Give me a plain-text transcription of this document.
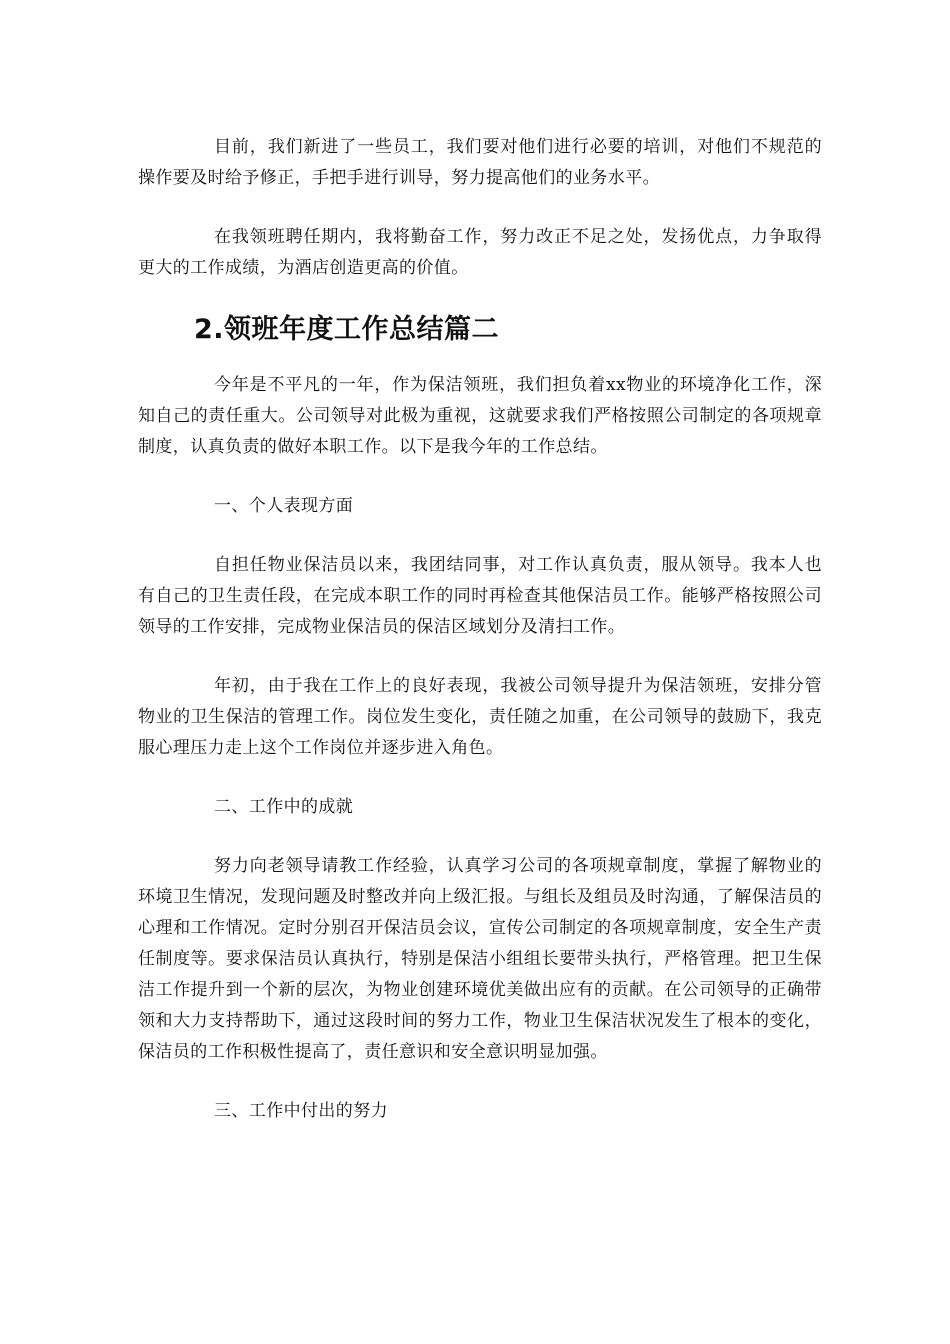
目前，我们新进了一些员工，我们要对他们进行必要的培训，对他们不规范的操作要及时给予修正，手把手进行训导，努力提高他们的业务水平。

在我领班聘任期内，我将勤奋工作，努力改正不足之处，发扬优点，力争取得更大的工作成绩，为酒店创造更高的价值。

2.领班年度工作总结篇二

今年是不平凡的一年，作为保洁领班，我们担负着xx物业的环境净化工作，深知自己的责任重大。公司领导对此极为重视，这就要求我们严格按照公司制定的各项规章制度，认真负责的做好本职工作。以下是我今年的工作总结。

一、个人表现方面

自担任物业保洁员以来，我团结同事，对工作认真负责，服从领导。我本人也有自己的卫生责任段，在完成本职工作的同时再检查其他保洁员工作。能够严格按照公司领导的工作安排，完成物业保洁员的保洁区域划分及清扫工作。

年初，由于我在工作上的良好表现，我被公司领导提升为保洁领班，安排分管物业的卫生保洁的管理工作。岗位发生变化，责任随之加重，在公司领导的鼓励下，我克服心理压力走上这个工作岗位并逐步进入角色。

二、工作中的成就

努力向老领导请教工作经验，认真学习公司的各项规章制度，掌握了解物业的环境卫生情况，发现问题及时整改并向上级汇报。与组长及组员及时沟通，了解保洁员的心理和工作情况。定时分别召开保洁员会议，宣传公司制定的各项规章制度，安全生产责任制度等。要求保洁员认真执行，特别是保洁小组组长要带头执行，严格管理。把卫生保洁工作提升到一个新的层次，为物业创建环境优美做出应有的贡献。在公司领导的正确带领和大力支持帮助下，通过这段时间的努力工作，物业卫生保洁状况发生了根本的变化，保洁员的工作积极性提高了，责任意识和安全意识明显加强。

三、工作中付出的努力
